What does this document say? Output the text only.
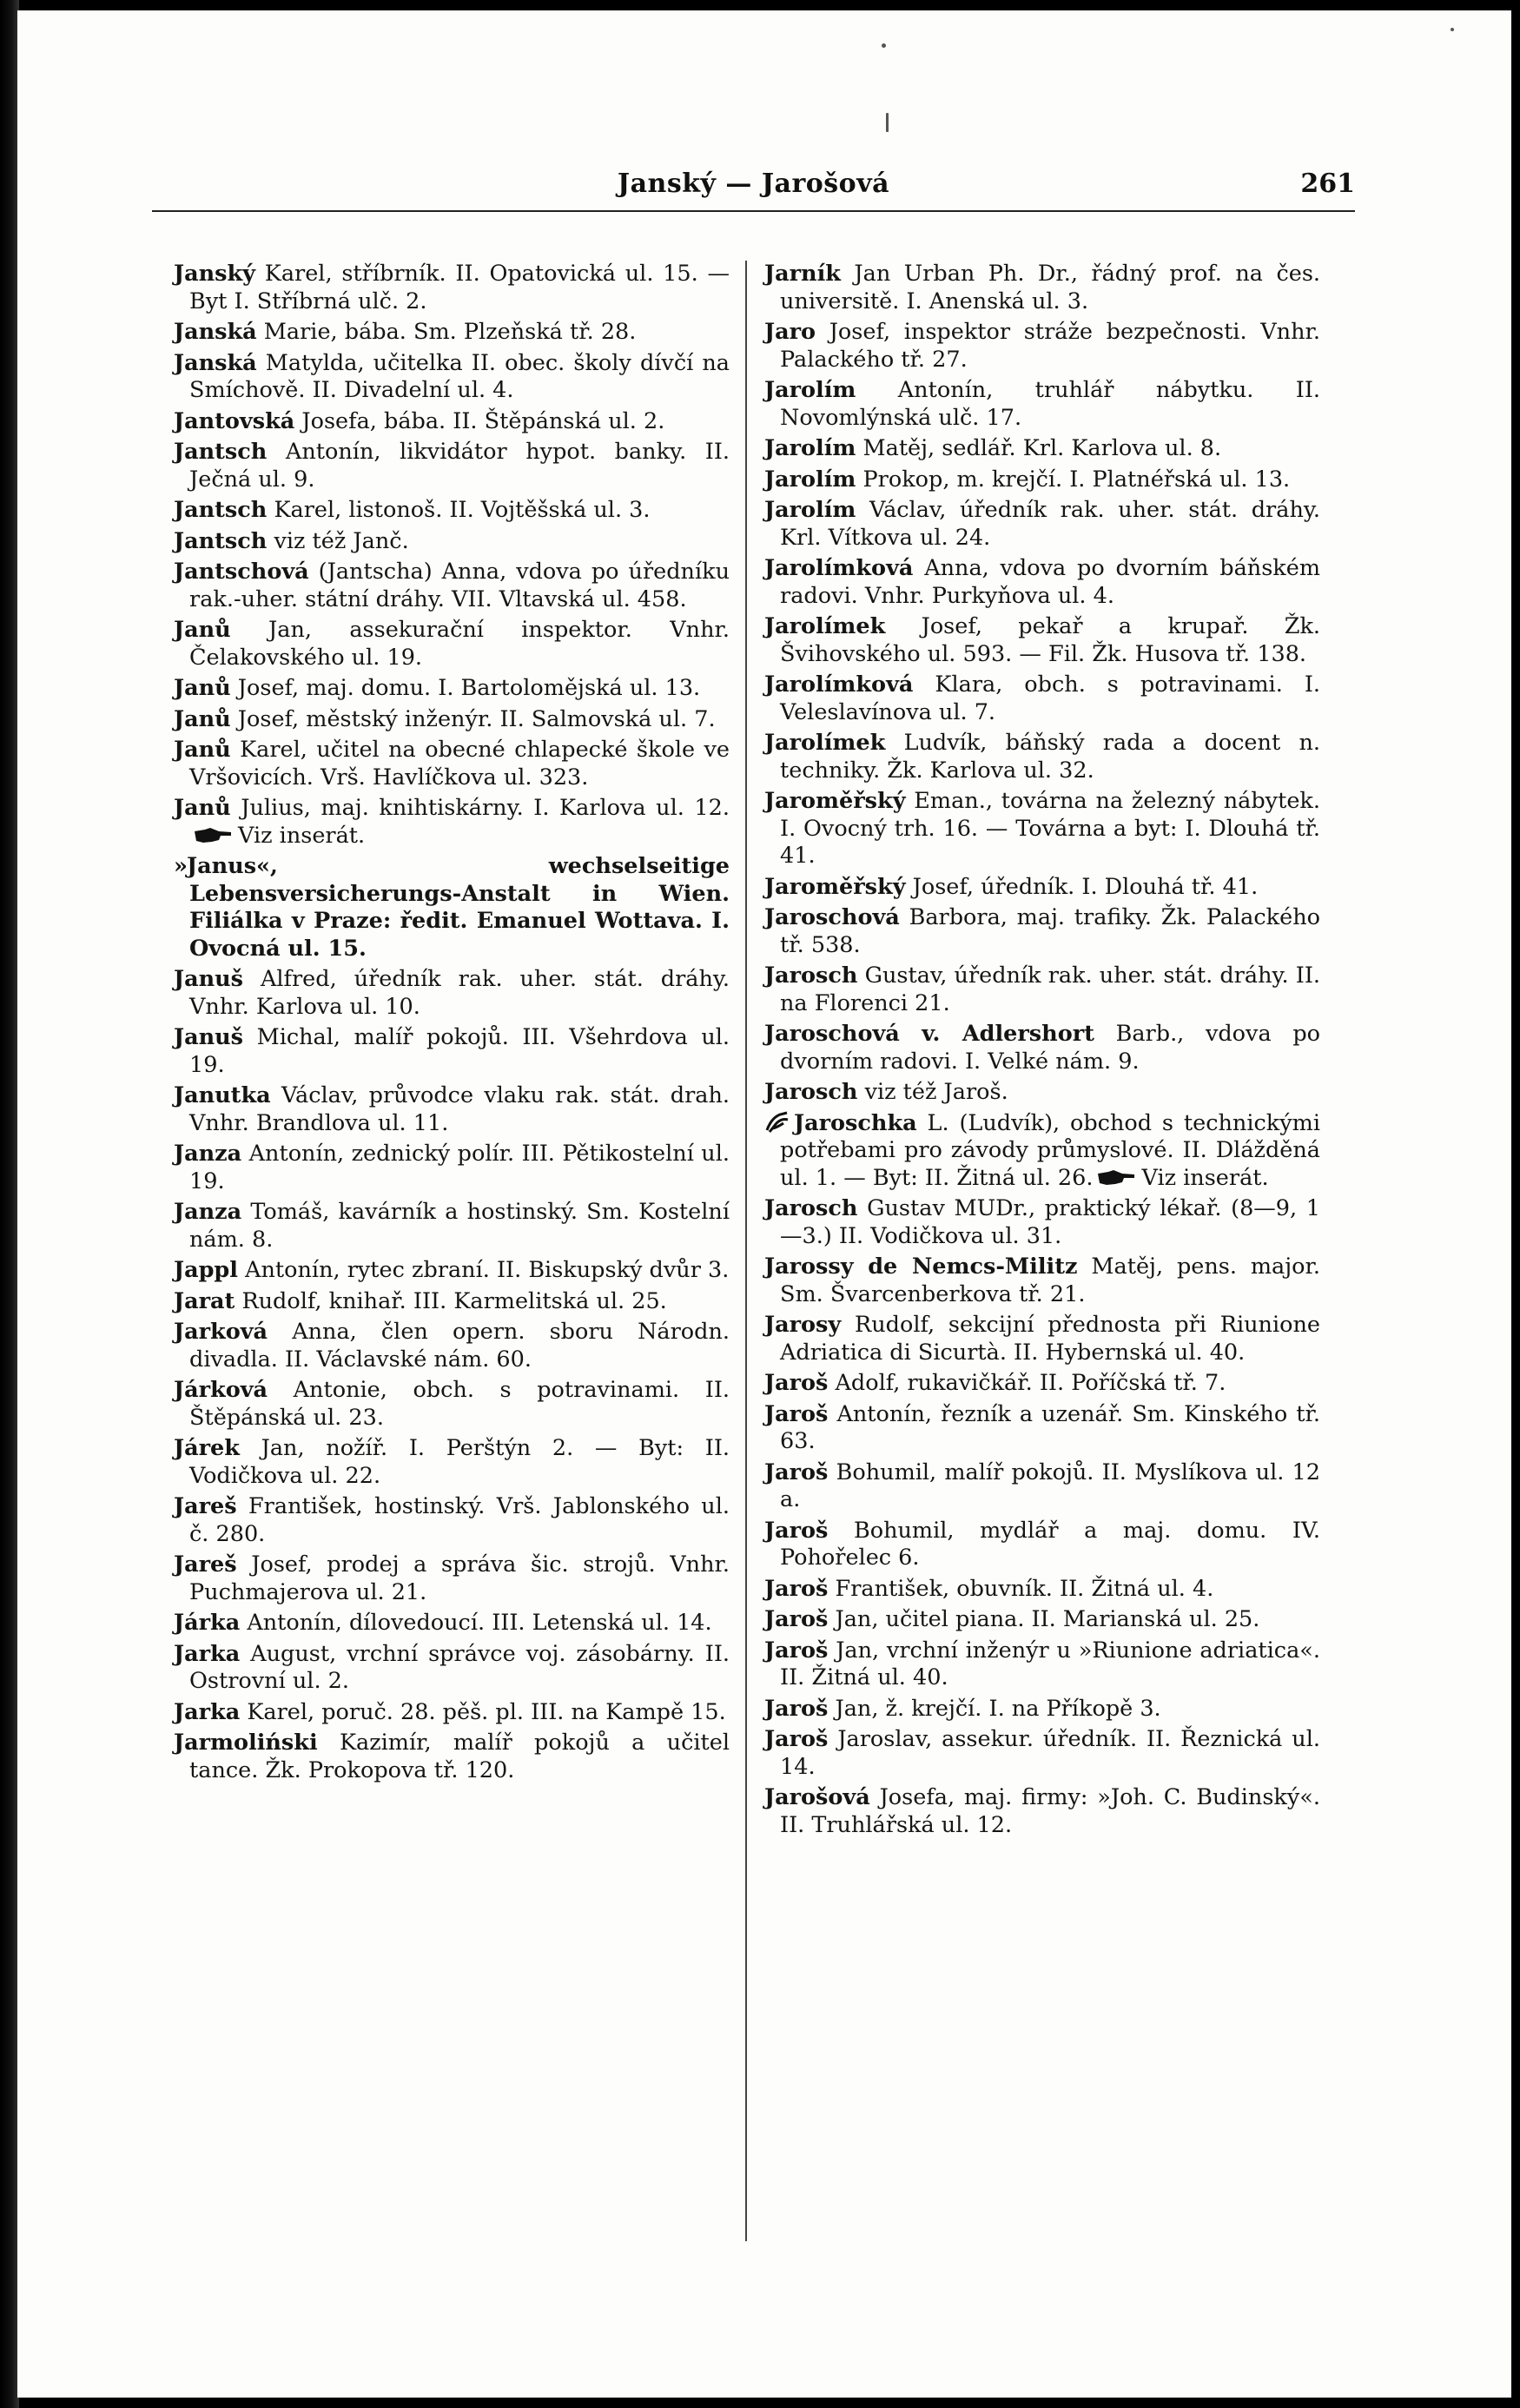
Janský — Jarošová	261
Janský Karel, stříbrník. II. Opatovická ul. 15. — Byt I. Stříbrná ulč. 2.
Janská Marie, bába. Sm. Plzeňská tř. 28.
Janská Matylda, učitelka II. obec. školy dívčí na Smíchově. II. Divadelní ul. 4.
Jantovská Josefa, bába. II. Štěpánská ul. 2.
Jantsch Antonín, likvidátor hypot. banky. II. Ječná ul. 9.
Jantsch Karel, listonoš. II. Vojtěšská ul. 3.
Jantsch viz též Janč.
Jantschová (Jantscha) Anna, vdova po úředníku rak.-uher. státní dráhy. VII. Vltavská ul. 458.
Janů Jan, assekurační inspektor. Vnhr. Čelakovského ul. 19.
Janů Josef, maj. domu. I. Bartolomějská ul. 13.
Janů Josef, městský inženýr. II. Salmovská ul. 7.
Janů Karel, učitel na obecné chlapecké škole ve Vršovicích. Vrš. Havlíčkova ul. 323.
Janů Julius, maj. knihtiskárny. I. Karlova ul. 12.Viz inserát.
»Janus«,	wechselseitige Lebensversicherungs-Anstalt in Wien. Filiálka v Praze: ředit. Emanuel Wottava. I. Ovocná ul. 15.
Januš Alfred, úředník rak. uher. stát. dráhy. Vnhr. Karlova ul. 10.
Januš Michal, malíř pokojů. III. Všehrdova ul. 19.
Janutka Václav, průvodce vlaku rak. stát. drah. Vnhr. Brandlova ul. 11.
Janza Antonín, zednický polír. III. Pětikostelní ul. 19.
Janza Tomáš, kavárník a hostinský. Sm. Kostelní nám. 8.
Jappl Antonín, rytec zbraní. II. Biskupský dvůr 3.
Jarat Rudolf, knihař. III. Karmelitská ul. 25.
Jarková Anna, člen opern. sboru Národn. divadla. II. Václavské nám. 60.
Járková Antonie, obch. s potravinami. II. Štěpánská ul. 23.
Járek Jan, nožíř. I. Perštýn 2. — Byt: II. Vodičkova ul. 22.
Jareš František, hostinský. Vrš. Jablonského ul. č. 280.
Jareš Josef, prodej a správa šic. strojů. Vnhr. Puchmajerova ul. 21.
Járka Antonín, dílovedoucí. III. Letenská ul. 14.
Jarka August, vrchní správce voj. zásobárny. II. Ostrovní ul. 2.
Jarka Karel, poruč. 28. pěš. pl. III. na Kampě 15.
Jarmoliński Kazimír, malíř pokojů a učitel tance. Žk. Prokopova tř. 120.
Jarník Jan Urban Ph. Dr., řádný prof. na čes. universitě. I. Anenská ul. 3.
Jaro Josef, inspektor stráže bezpečnosti. Vnhr. Palackého tř. 27.
Jarolím Antonín, truhlář nábytku. II. Novomlýnská ulč. 17.
Jarolím Matěj, sedlář. Krl. Karlova ul. 8.
Jarolím Prokop, m. krejčí. I. Platnéřská ul. 13.
Jarolím Václav, úředník rak. uher. stát. dráhy. Krl. Vítkova ul. 24.
Jarolímková Anna, vdova po dvorním báňském radovi. Vnhr. Purkyňova ul. 4.
Jarolímek Josef, pekař a krupař. Žk. Švihovského ul. 593. — Fil. Žk. Husova tř. 138.
Jarolímková Klara, obch. s potravinami. I. Veleslavínova ul. 7.
Jarolímek Ludvík, báňský rada a docent n. techniky. Žk. Karlova ul. 32.
Jaroměřský Eman., továrna na železný nábytek. I. Ovocný trh. 16. — Továrna a byt: I. Dlouhá tř. 41.
Jaroměřský Josef, úředník. I. Dlouhá tř. 41.
Jaroschová Barbora, maj. trafiky. Žk. Palackého tř. 538.
Jarosch Gustav, úředník rak. uher. stát. dráhy. II. na Florenci 21.
Jaroschová v. Adlershort Barb., vdova po dvorním radovi. I. Velké nám. 9.
Jarosch viz též Jaroš.
Jaroschka L. (Ludvík), obchod s technickými potřebami pro závody průmyslové. II. Dlážděná ul. 1. — Byt: II. Žitná ul. 26. Viz inserát.
Jarosch Gustav MUDr., praktický lékař. (8—9, 1—3.) II. Vodičkova ul. 31.
Jarossy de Nemcs-Militz Matěj, pens. major. Sm. Švarcenberkova tř. 21.
Jarosy Rudolf, sekcijní přednosta při Riunione Adriatica di Sicurtà. II. Hybernská ul. 40.
Jaroš Adolf, rukavičkář. II. Poříčská tř. 7.
Jaroš Antonín, řezník a uzenář. Sm. Kinského tř. 63.
Jaroš Bohumil, malíř pokojů. II. Myslíkova ul. 12 a.
Jaroš Bohumil, mydlář a maj. domu. IV. Pohořelec 6.
Jaroš František, obuvník. II. Žitná ul. 4.
Jaroš Jan, učitel piana. II. Marianská ul. 25.
Jaroš Jan, vrchní inženýr u »Riunione adriatica«. II. Žitná ul. 40.
Jaroš Jan, ž. krejčí. I. na Příkopě 3.
Jaroš Jaroslav, assekur. úředník. II. Řeznická ul. 14.
Jarošová Josefa, maj. firmy: »Joh. C. Budinský«. II. Truhlářská ul. 12.
